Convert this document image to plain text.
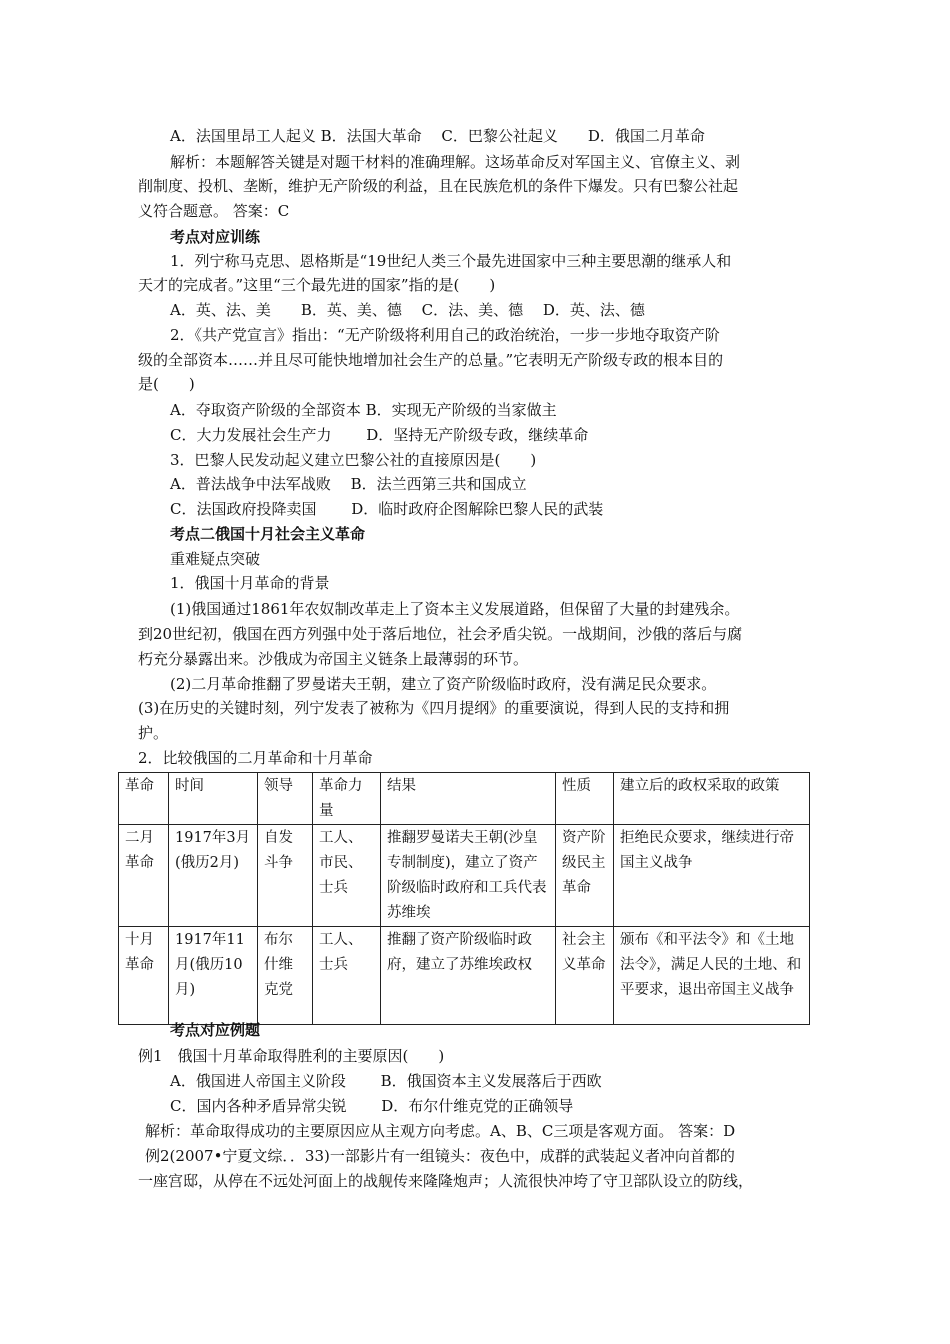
A．法国里昂工人起义 B．法国大革命　 C．巴黎公社起义　　D．俄国二月革命
解析：本题解答关键是对题干材料的准确理解。这场革命反对军国主义、官僚主义、剥
削制度、投机、垄断，维护无产阶级的利益，且在民族危机的条件下爆发。只有巴黎公社起
义符合题意。 答案：C
考点对应训练
1．列宁称马克思、恩格斯是“19世纪人类三个最先进国家中三种主要思潮的继承人和
天才的完成者。”这里“三个最先进的国家”指的是(　　)
A．英、法、美　　B．英、美、德　 C．法、美、德　 D．英、法、德
2．《共产党宣言》指出：“无产阶级将利用自己的政治统治，一步一步地夺取资产阶
级的全部资本……并且尽可能快地增加社会生产的总量。”它表明无产阶级专政的根本目的
是(　　)
A．夺取资产阶级的全部资本 B．实现无产阶级的当家做主
C．大力发展社会生产力　　 D．坚持无产阶级专政，继续革命
3．巴黎人民发动起义建立巴黎公社的直接原因是(　　)
A．普法战争中法军战败　 B．法兰西第三共和国成立
C．法国政府投降卖国　　 D．临时政府企图解除巴黎人民的武装
考点二俄国十月社会主义革命
重难疑点突破
1．俄国十月革命的背景
(1)俄国通过1861年农奴制改革走上了资本主义发展道路，但保留了大量的封建残余。
到20世纪初，俄国在西方列强中处于落后地位，社会矛盾尖锐。一战期间，沙俄的落后与腐
朽充分暴露出来。沙俄成为帝国主义链条上最薄弱的环节。
(2)二月革命推翻了罗曼诺夫王朝，建立了资产阶级临时政府，没有满足民众要求。
(3)在历史的关键时刻，列宁发表了被称为《四月提纲》的重要演说，得到人民的支持和拥
护。
2．比较俄国的二月革命和十月革命
革命	时间	领导	革命力量	结果	性质	建立后的政权采取的政策
二月革命	1917年3月(俄历2月)	自发斗争	工人、市民、士兵	推翻罗曼诺夫王朝(沙皇专制制度)，建立了资产阶级临时政府和工兵代表苏维埃	资产阶级民主革命	拒绝民众要求，继续进行帝国主义战争
十月革命	1917年11月(俄历10月)	布尔什维克党	工人、士兵	推翻了资产阶级临时政府，建立了苏维埃政权	社会主义革命	颁布《和平法令》和《土地法令》，满足人民的土地、和平要求，退出帝国主义战争
考点对应例题
例1　俄国十月革命取得胜利的主要原因(　　)
A．俄国进人帝国主义阶段　　 B．俄国资本主义发展落后于西欧
C．国内各种矛盾异常尖锐　　 D．布尔什维克党的正确领导
解析：革命取得成功的主要原因应从主观方向考虑。A、B、C三项是客观方面。 答案：D
例2(2007•宁夏文综．．33)一部影片有一组镜头：夜色中，成群的武装起义者冲向首都的
一座宫邸，从停在不远处河面上的战舰传来隆隆炮声；人流很快冲垮了守卫部队设立的防线，
